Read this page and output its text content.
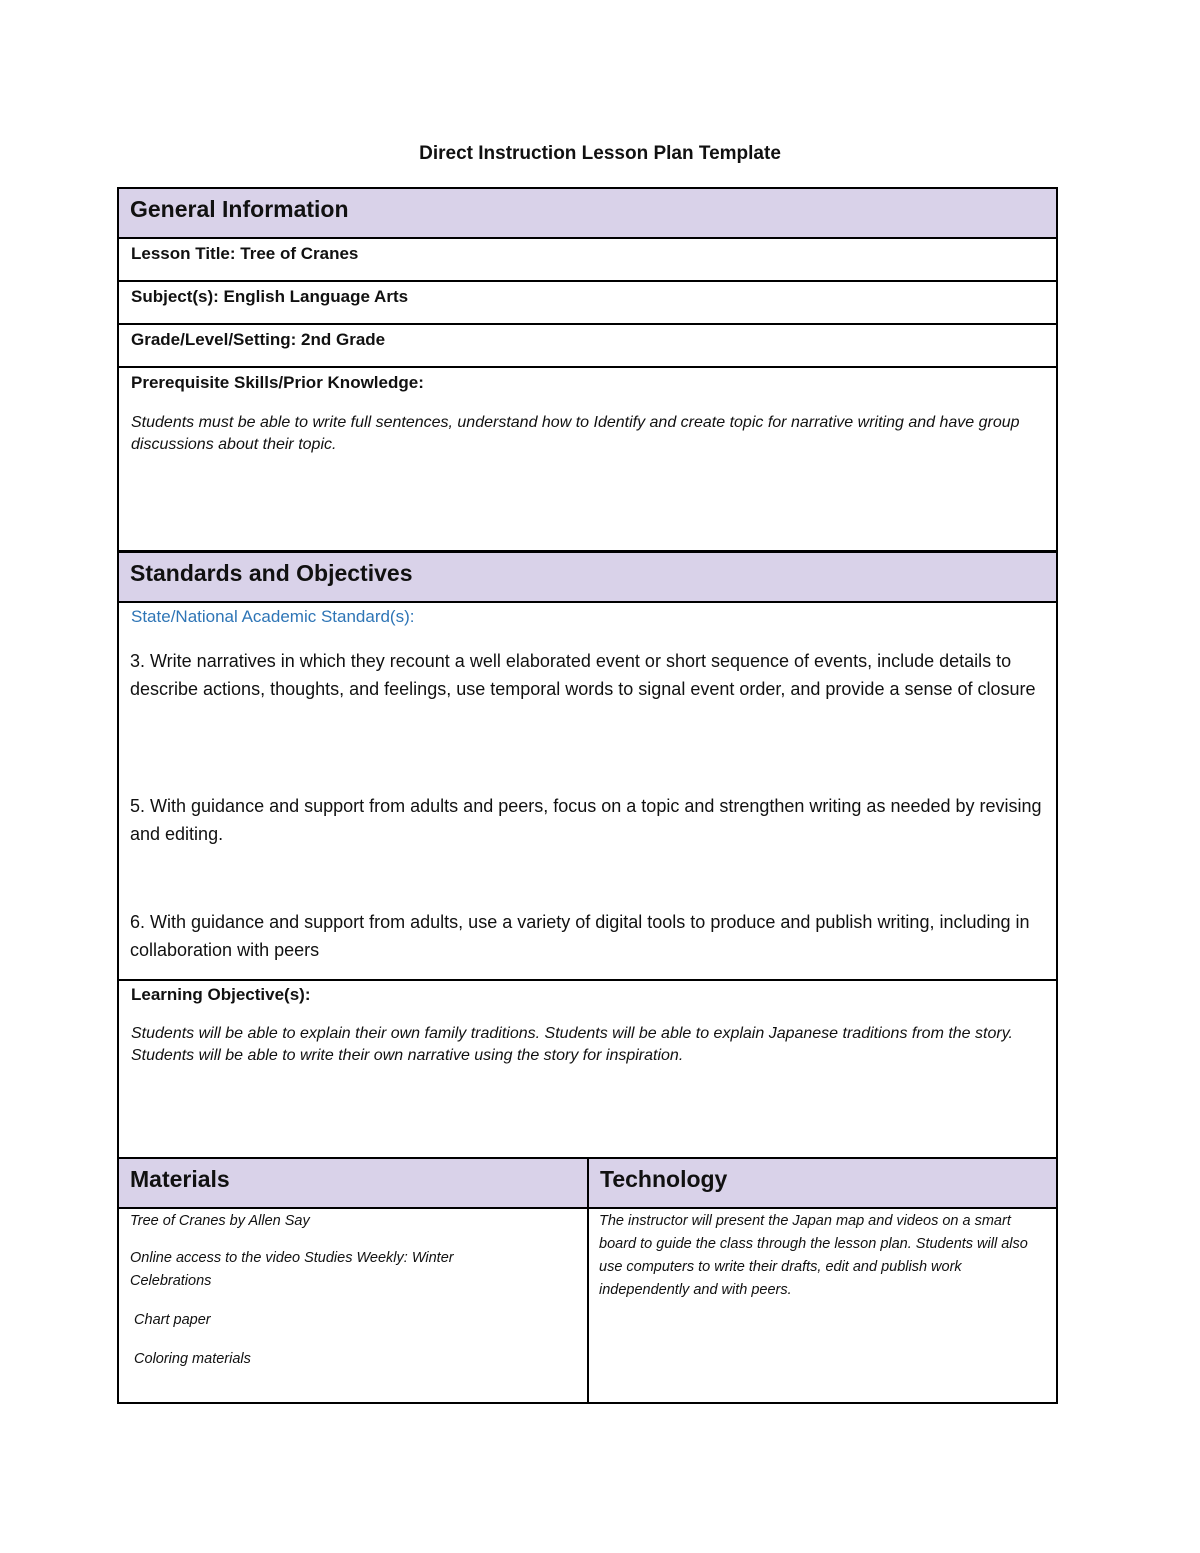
Direct Instruction Lesson Plan Template
General Information
Lesson Title: Tree of Cranes
Subject(s): English Language Arts
Grade/Level/Setting: 2nd Grade
Prerequisite Skills/Prior Knowledge:
Students must be able to write full sentences, understand how to Identify and create topic for narrative writing and have group discussions about their topic.
Standards and Objectives
State/National Academic Standard(s):
3. Write narratives in which they recount a well elaborated event or short sequence of events, include details to describe actions, thoughts, and feelings, use temporal words to signal event order, and provide a sense of closure
5. With guidance and support from adults and peers, focus on a topic and strengthen writing as needed by revising and editing.
6. With guidance and support from adults, use a variety of digital tools to produce and publish writing, including in collaboration with peers
Learning Objective(s):
Students will be able to explain their own family traditions. Students will be able to explain Japanese traditions from the story. Students will be able to write their own narrative using the story for inspiration.
Materials	Technology
Tree of Cranes by Allen Say
Online access to the video Studies Weekly: Winter Celebrations
Chart paper
Coloring materials
The instructor will present the Japan map and videos on a smart board to guide the class through the lesson plan. Students will also use computers to write their drafts, edit and publish work independently and with peers.
